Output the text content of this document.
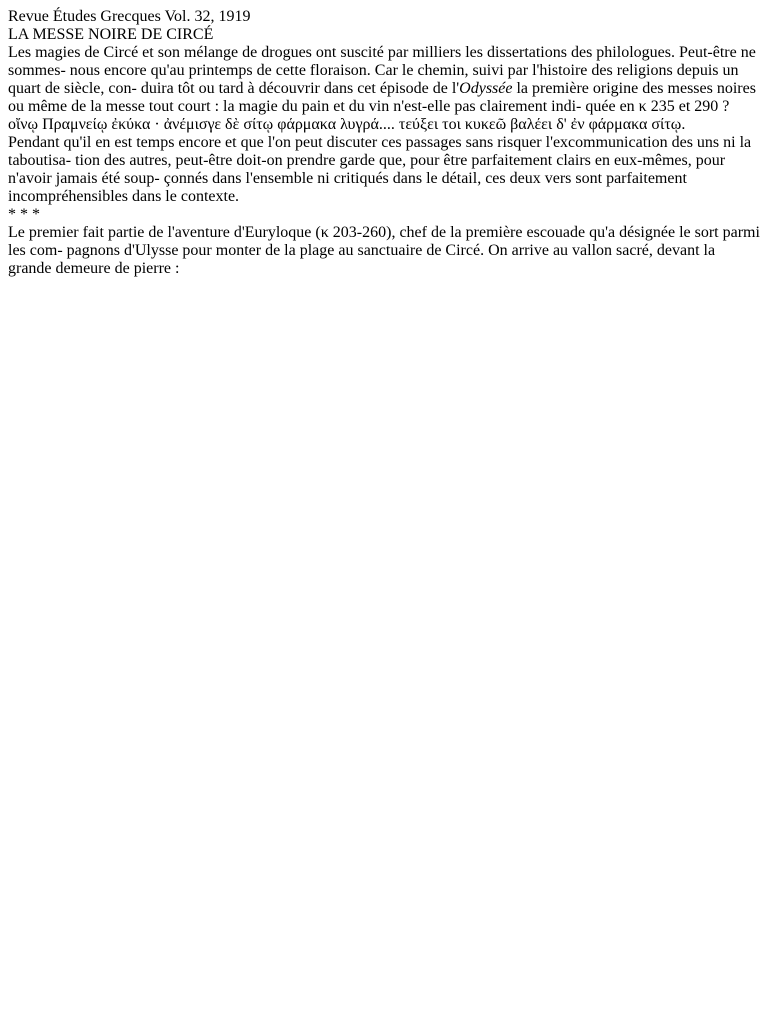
Revue Études Grecques Vol. 32, 1919
LA MESSE NOIRE DE CIRCÉ
Les magies de Circé et son mélange de drogues ont suscité par milliers les dissertations des philologues. Peut-être ne sommes- nous encore qu'au printemps de cette floraison. Car le chemin, suivi par l'histoire des religions depuis un quart de siècle, con- duira tôt ou tard à découvrir dans cet épisode de l'Odyssée la première origine des messes noires ou même de la messe tout court : la magie du pain et du vin n'est-elle pas clairement indi- quée en κ 235 et 290 ?
οἴνῳ Πραμνείῳ ἐκύκα · ἀνέμισγε δὲ σίτῳ φάρμακα λυγρά.... τεύξει τοι κυκεῶ βαλέει δ' ἐν φάρμακα σίτῳ.
Pendant qu'il en est temps encore et que l'on peut discuter ces passages sans risquer l'excommunication des uns ni la taboutisa- tion des autres, peut-être doit-on prendre garde que, pour être parfaitement clairs en eux-mêmes, pour n'avoir jamais été soup- çonnés dans l'ensemble ni critiqués dans le détail, ces deux vers sont parfaitement incompréhensibles dans le contexte.
* * *
Le premier fait partie de l'aventure d'Euryloque (κ 203-260), chef de la première escouade qu'a désignée le sort parmi les com- pagnons d'Ulysse pour monter de la plage au sanctuaire de Circé. On arrive au vallon sacré, devant la grande demeure de pierre :
